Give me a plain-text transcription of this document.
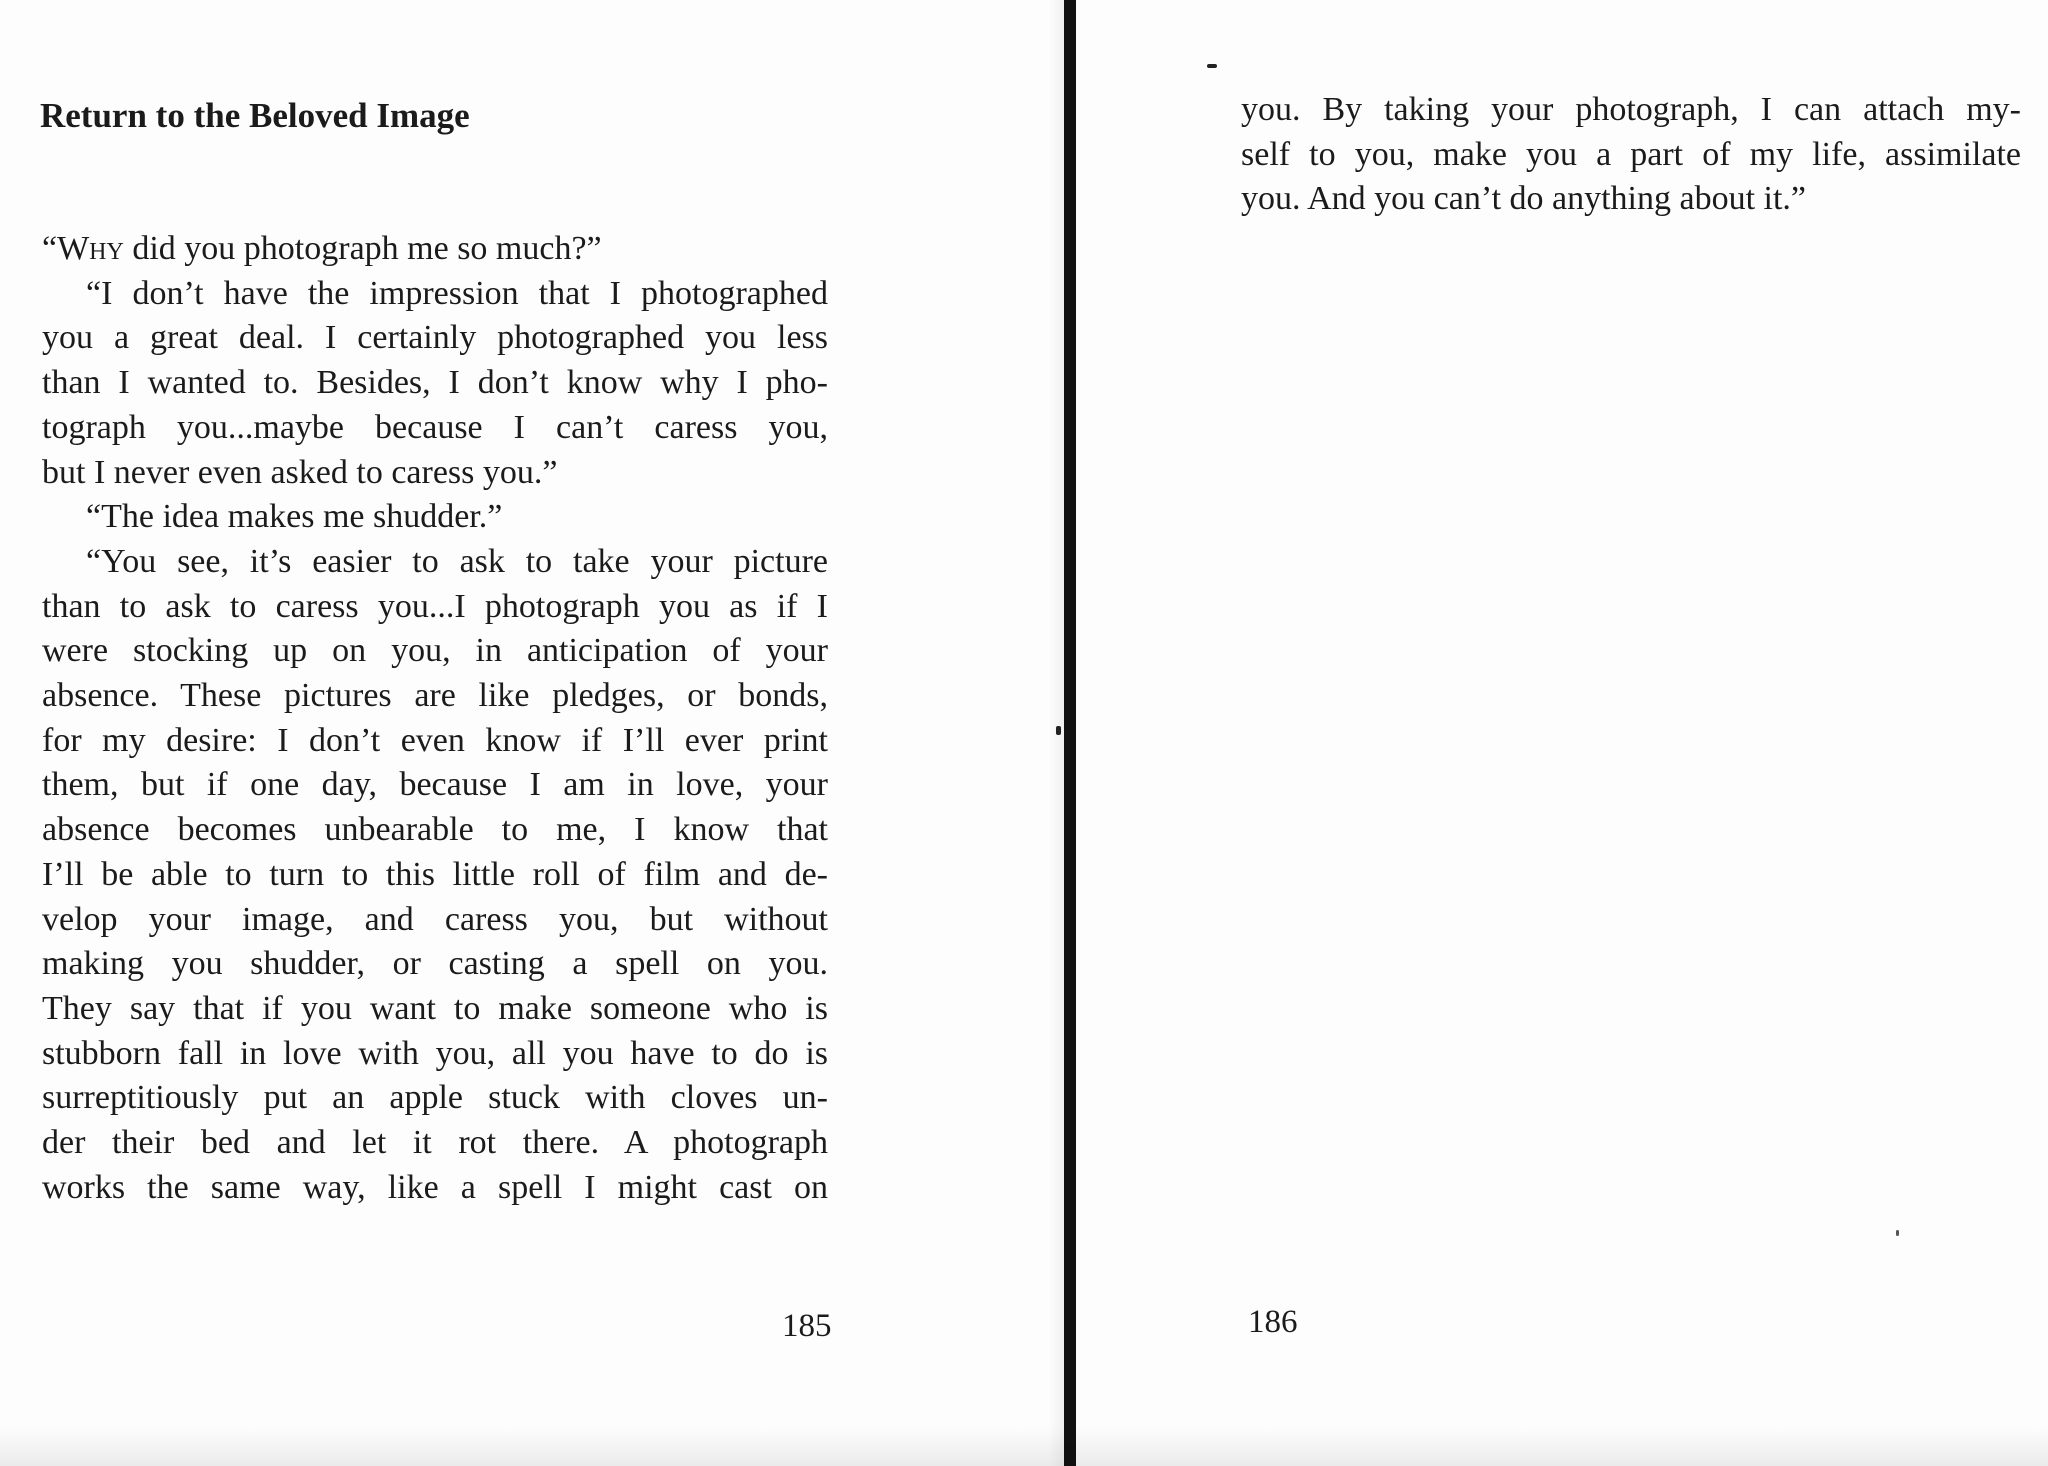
Return to the Beloved Image

“Why did you photograph me so much?”

“I don’t have the impression that I photographed
you a great deal. I certainly photographed you less
than I wanted to. Besides, I don’t know why I pho-
tograph you...maybe because I can’t caress you,
but I never even asked to caress you.”

“The idea makes me shudder.”

“You see, it’s easier to ask to take your picture
than to ask to caress you...I photograph you as if I
were stocking up on you, in anticipation of your
absence. These pictures are like pledges, or bonds,
for my desire: I don’t even know if I’ll ever print
them, but if one day, because I am in love, your
absence becomes unbearable to me, I know that
I’ll be able to turn to this little roll of film and de-
velop your image, and caress you, but without
making you shudder, or casting a spell on you.
They say that if you want to make someone who is
stubborn fall in love with you, all you have to do is
surreptitiously put an apple stuck with cloves un-
der their bed and let it rot there. A photograph
works the same way, like a spell I might cast on

185

you. By taking your photograph, I can attach my-
self to you, make you a part of my life, assimilate
you. And you can’t do anything about it.”

186
